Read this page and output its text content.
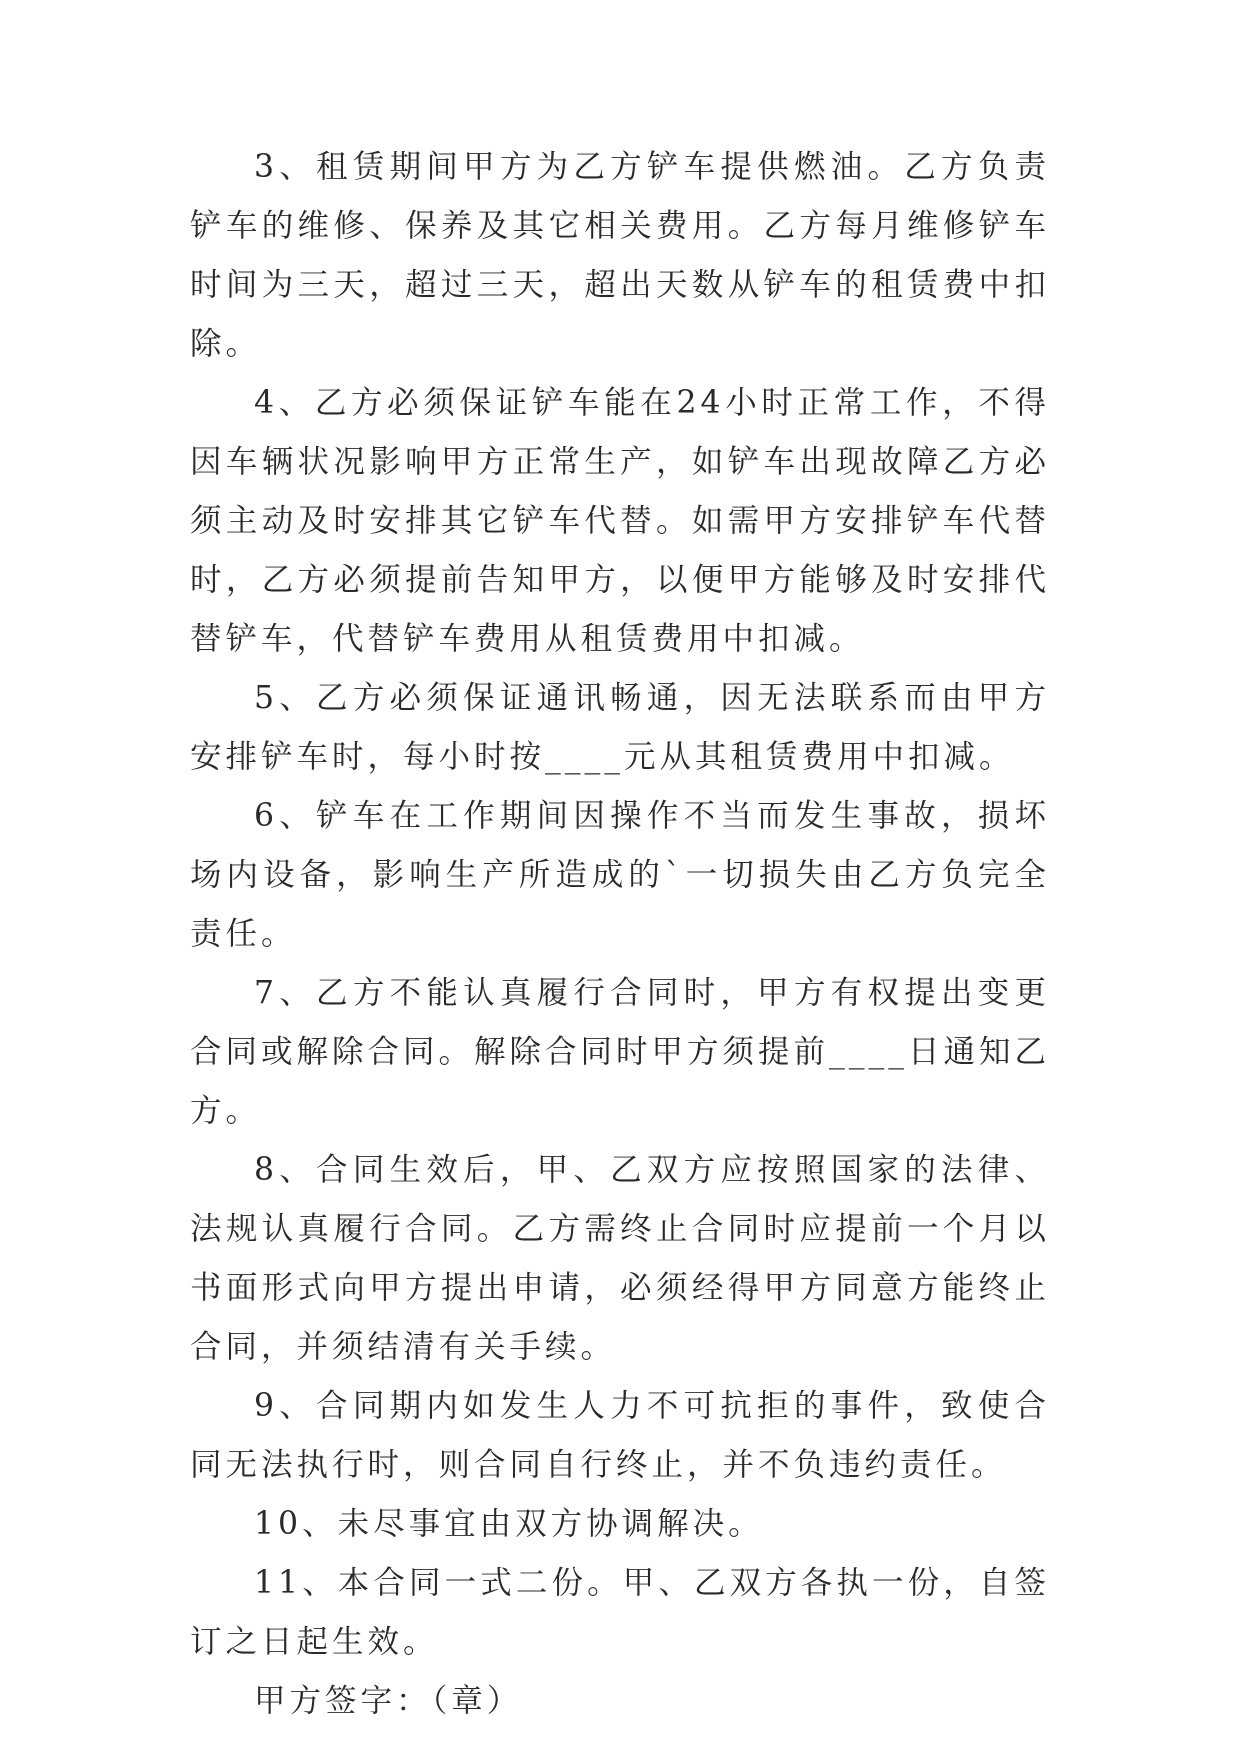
3、租赁期间甲方为乙方铲车提供燃油。乙方负责铲车的维修、保养及其它相关费用。乙方每月维修铲车时间为三天，超过三天，超出天数从铲车的租赁费中扣除。

4、乙方必须保证铲车能在24小时正常工作，不得因车辆状况影响甲方正常生产，如铲车出现故障乙方必须主动及时安排其它铲车代替。如需甲方安排铲车代替时，乙方必须提前告知甲方，以便甲方能够及时安排代替铲车，代替铲车费用从租赁费用中扣减。

5、乙方必须保证通讯畅通，因无法联系而由甲方安排铲车时，每小时按____元从其租赁费用中扣减。

6、铲车在工作期间因操作不当而发生事故，损坏场内设备，影响生产所造成的`一切损失由乙方负完全责任。

7、乙方不能认真履行合同时，甲方有权提出变更合同或解除合同。解除合同时甲方须提前____日通知乙方。

8、合同生效后，甲、乙双方应按照国家的法律、法规认真履行合同。乙方需终止合同时应提前一个月以书面形式向甲方提出申请，必须经得甲方同意方能终止合同，并须结清有关手续。

9、合同期内如发生人力不可抗拒的事件，致使合同无法执行时，则合同自行终止，并不负违约责任。

10、未尽事宜由双方协调解决。

11、本合同一式二份。甲、乙双方各执一份，自签订之日起生效。

甲方签字：（章）
